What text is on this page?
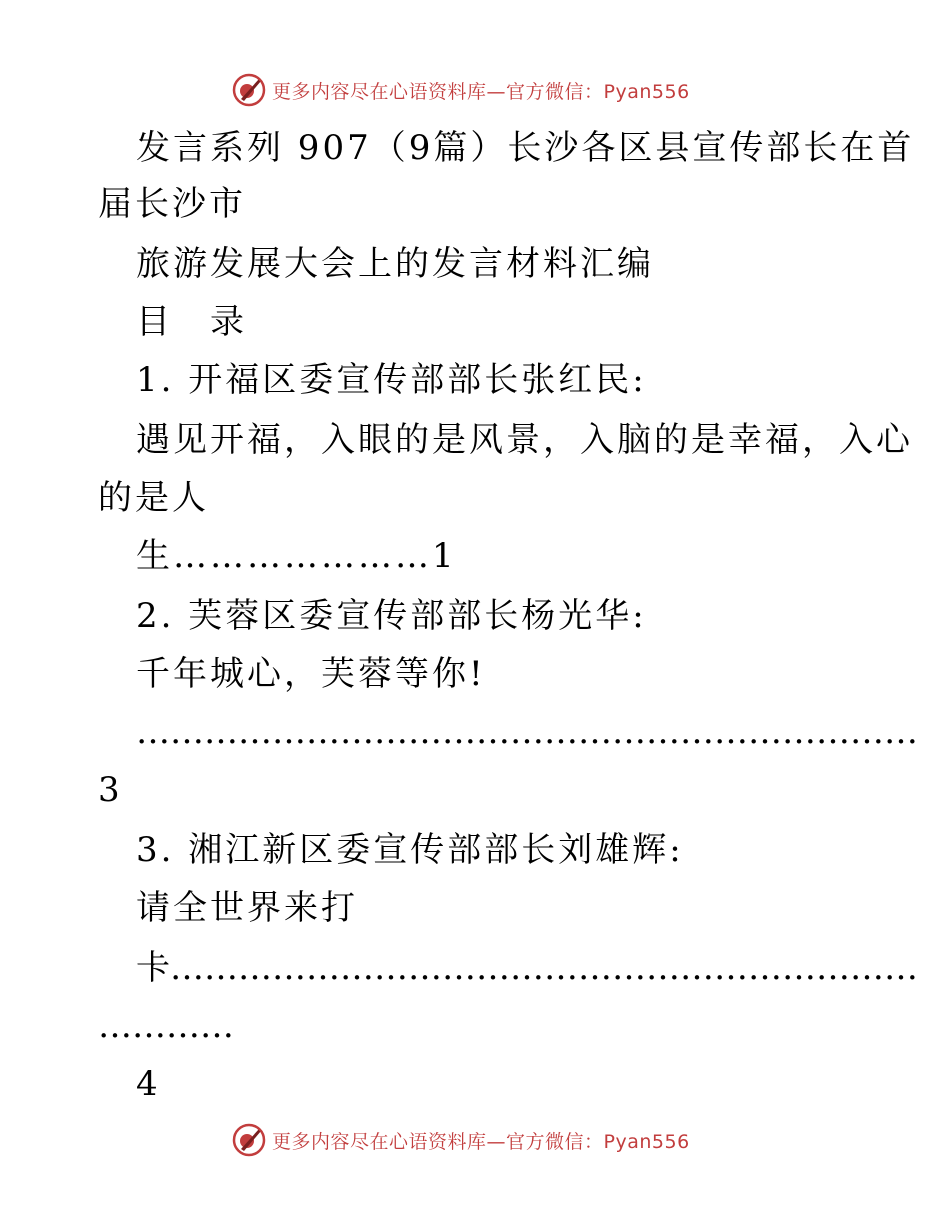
更多内容尽在心语资料库—官方微信：Pyan556
发言系列 907（9篇）长沙各区县宣传部长在首
届长沙市
旅游发展大会上的发言材料汇编
目　录
1. 开福区委宣传部部长张红民:
遇见开福，入眼的是风景，入脑的是幸福，入心
的是人
生…………………1
2. 芙蓉区委宣传部部长杨光华:
千年城心，芙蓉等你!
……………………………………………………………
3
3. 湘江新区委宣传部部长刘雄辉:
请全世界来打
卡…………………………………………………………
…………
4
更多内容尽在心语资料库—官方微信：Pyan556
